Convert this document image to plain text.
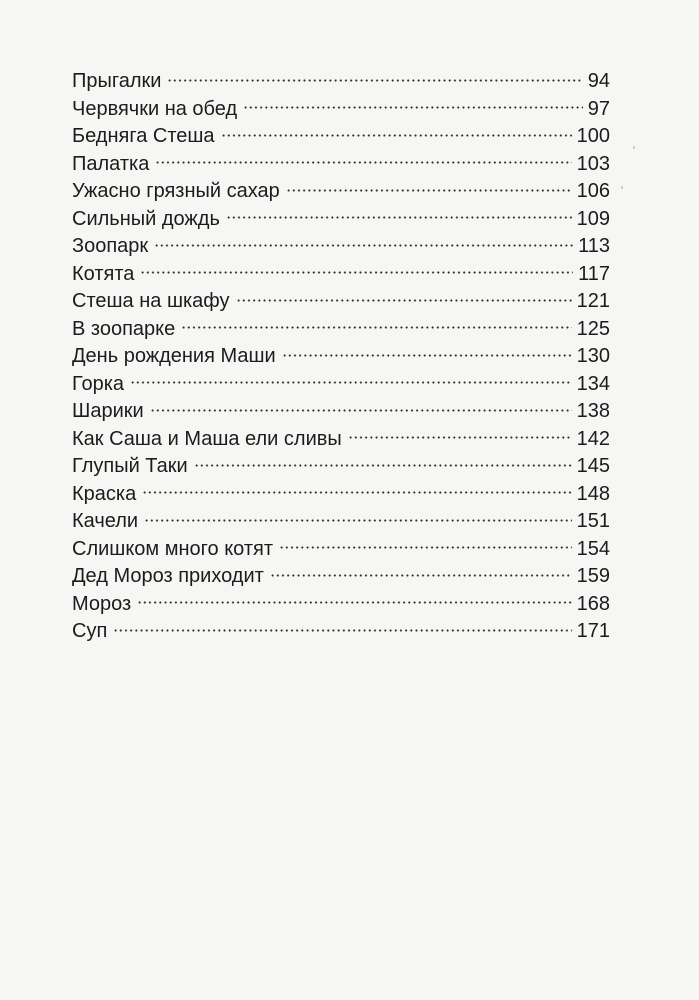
Прыгалки	94
Червячки на обед	97
Бедняга Стеша	100
Палатка	103
Ужасно грязный сахар	106
Сильный дождь	109
Зоопарк	113
Котята	117
Стеша на шкафу	121
В зоопарке	125
День рождения Маши	130
Горка	134
Шарики	138
Как Саша и Маша ели сливы	142
Глупый Таки	145
Краска	148
Качели	151
Слишком много котят	154
Дед Мороз приходит	159
Мороз	168
Суп	171
